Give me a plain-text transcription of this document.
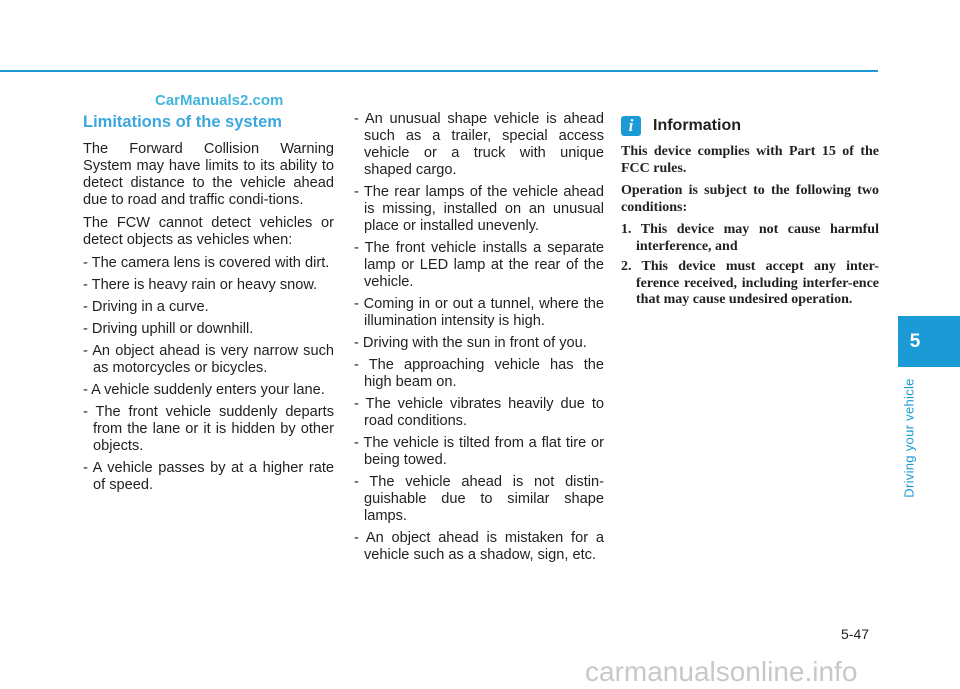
CarManuals2.com
Limitations of the system

The Forward Collision Warning System may have limits to its ability to detect distance to the vehicle ahead due to road and traffic condi-tions.

The FCW cannot detect vehicles or detect objects as vehicles when:

- The camera lens is covered with dirt.
- There is heavy rain or heavy snow.
- Driving in a curve.
- Driving uphill or downhill.
- An object ahead is very narrow such as motorcycles or bicycles.
- A vehicle suddenly enters your lane.
- The front vehicle suddenly departs from the lane or it is hidden by other objects.
- A vehicle passes by at a higher rate of speed.
- An unusual shape vehicle is ahead such as a trailer, special access vehicle or a truck with unique shaped cargo.
- The rear lamps of the vehicle ahead is missing, installed on an unusual place or installed unevenly.
- The front vehicle installs a separate lamp or LED lamp at the rear of the vehicle.
- Coming in or out a tunnel, where the illumination intensity is high.
- Driving with the sun in front of you.
- The approaching vehicle has the high beam on.
- The vehicle vibrates heavily due to road conditions.
- The vehicle is tilted from a flat tire or being towed.
- The vehicle ahead is not distin-guishable due to similar shape lamps.
- An object ahead is mistaken for a vehicle such as a shadow, sign, etc.
i	Information

This device complies with Part 15 of the FCC rules.

Operation is subject to the following two conditions:

1. This device may not cause harmful interference, and
2. This device must accept any inter-ference received, including interfer-ence that may cause undesired operation.
5
Driving your vehicle
5-47
carmanualsonline.info
